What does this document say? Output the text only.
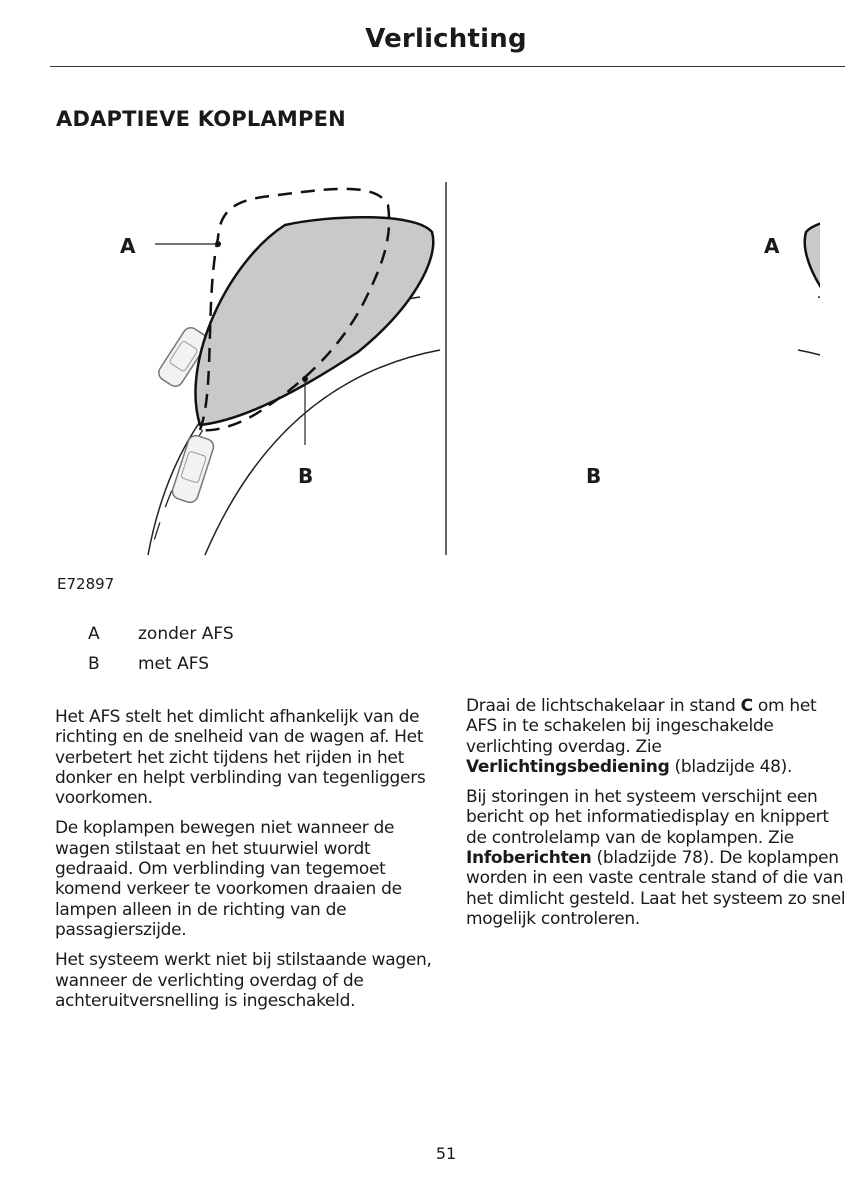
Verlichting
ADAPTIEVE KOPLAMPEN
A
B	B
A
E72897
A zonder AFS
B met AFS

Het AFS stelt het dimlicht afhankelijk van de richting en de snelheid van de wagen af. Het verbetert het zicht tijdens het rijden in het donker en helpt verblinding van tegenliggers voorkomen.

De koplampen bewegen niet wanneer de wagen stilstaat en het stuurwiel wordt gedraaid. Om verblinding van tegemoet komend verkeer te voorkomen draaien de lampen alleen in de richting van de passagierszijde.

Het systeem werkt niet bij stilstaande wagen, wanneer de verlichting overdag of de achteruitversnelling is ingeschakeld.

Draai de lichtschakelaar in stand C om het AFS in te schakelen bij ingeschakelde verlichting overdag. Zie Verlichtingsbediening (bladzijde 48).

Bij storingen in het systeem verschijnt een bericht op het informatiedisplay en knippert de controlelamp van de koplampen. Zie Infoberichten (bladzijde 78). De koplampen worden in een vaste centrale stand of die van het dimlicht gesteld. Laat het systeem zo snel mogelijk controleren.

51
